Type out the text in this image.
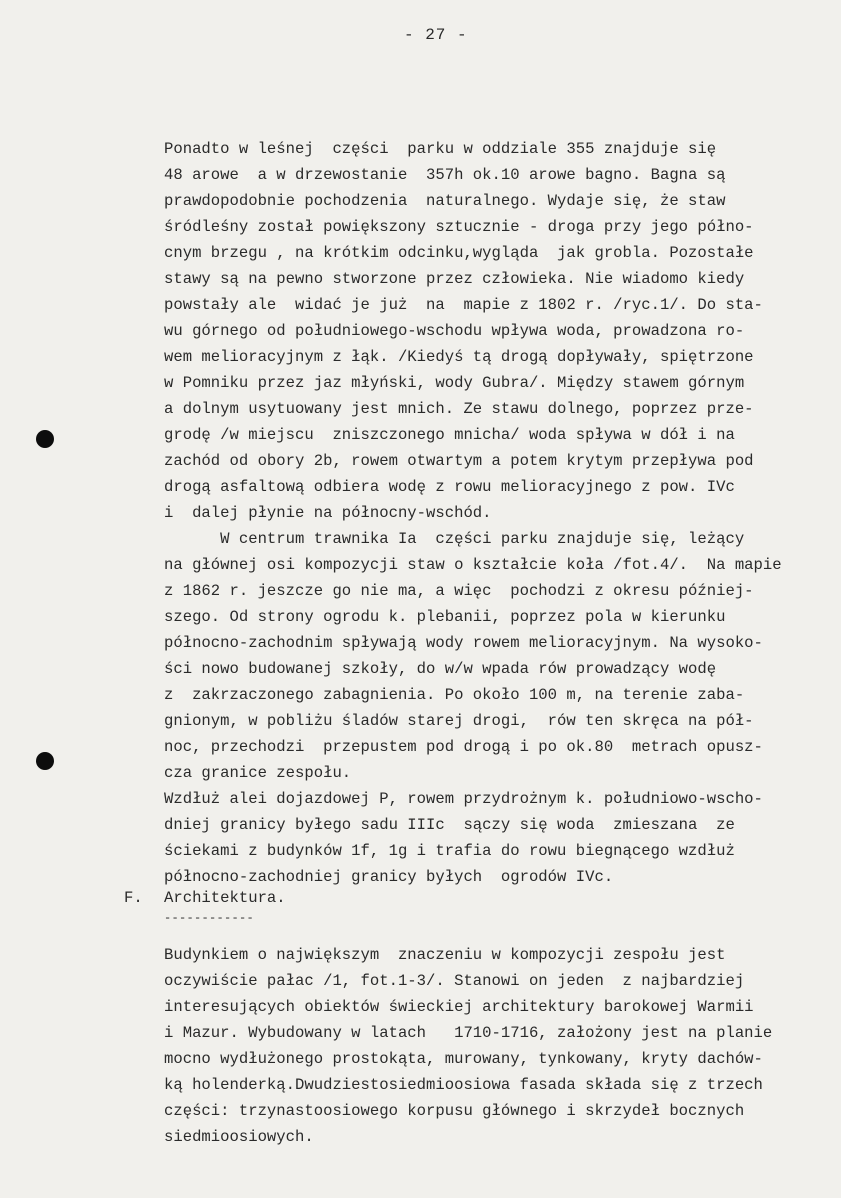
- 27 -
Ponadto w leśnej  części  parku w oddziale 355 znajduje się
48 arowe  a w drzewostanie  357h ok.10 arowe bagno. Bagna są
prawdopodobnie pochodzenia  naturalnego. Wydaje się, że staw
śródleśny został powiększony sztucznie - droga przy jego półno-
cnym brzegu , na krótkim odcinku,wygląda  jak grobla. Pozostałe
stawy są na pewno stworzone przez człowieka. Nie wiadomo kiedy
powstały ale  widać je już  na  mapie z 1802 r. /ryc.1/. Do sta-
wu górnego od południowego-wschodu wpływa woda, prowadzona ro-
wem melioracyjnym z łąk. /Kiedyś tą drogą dopływały, spiętrzone
w Pomniku przez jaz młyński, wody Gubra/. Między stawem górnym
a dolnym usytuowany jest mnich. Ze stawu dolnego, poprzez prze-
grodę /w miejscu  zniszczonego mnicha/ woda spływa w dół i na
zachód od obory 2b, rowem otwartym a potem krytym przepływa pod
drogą asfaltową odbiera wodę z rowu melioracyjnego z pow. IVc
i  dalej płynie na północny-wschód.
W centrum trawnika Ia  części parku znajduje się, leżący
na głównej osi kompozycji staw o kształcie koła /fot.4/.  Na mapie
z 1862 r. jeszcze go nie ma, a więc  pochodzi z okresu później-
szego. Od strony ogrodu k. plebanii, poprzez pola w kierunku
północno-zachodnim spływają wody rowem melioracyjnym. Na wysoko-
ści nowo budowanej szkoły, do w/w wpada rów prowadzący wodę
z  zakrzaczonego zabagnienia. Po około 100 m, na terenie zaba-
gnionym, w pobliżu śladów starej drogi,  rów ten skręca na pół-
noc, przechodzi  przepustem pod drogą i po ok.80  metrach opusz-
cza granice zespołu.
Wzdłuż alei dojazdowej P, rowem przydrożnym k. południowo-wscho-
dniej granicy byłego sadu IIIc  sączy się woda  zmieszana  ze
ściekami z budynków 1f, 1g i trafia do rowu biegnącego wzdłuż
północno-zachodniej granicy byłych  ogrodów IVc.
F. Architektura.
------------
Budynkiem o największym  znaczeniu w kompozycji zespołu jest
oczywiście pałac /1, fot.1-3/. Stanowi on jeden  z najbardziej
interesujących obiektów świeckiej architektury barokowej Warmii
i Mazur. Wybudowany w latach   1710-1716, założony jest na planie
mocno wydłużonego prostokąta, murowany, tynkowany, kryty dachów-
ką holenderką.Dwudziestosiedmioosiowa fasada składa się z trzech
części: trzynastoosiowego korpusu głównego i skrzydeł bocznych
siedmioosiowych.
